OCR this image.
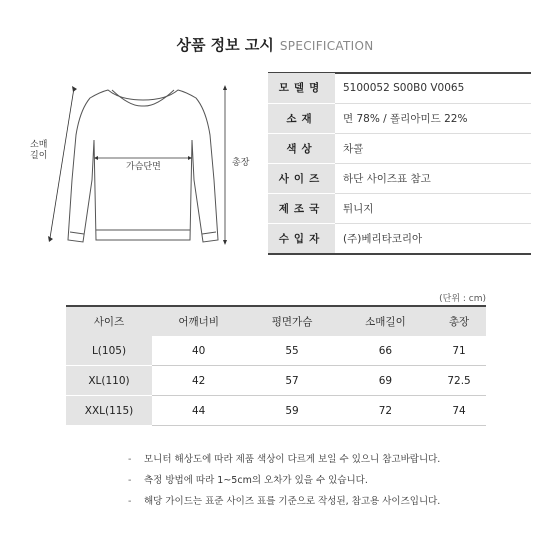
상품 정보 고시 SPECIFICATION
소매
길이
가슴단면	총장
모델명	5100052 S00B0 V0065
소재	면 78% / 폴리아미드 22%
색상	차콜
사이즈	하단 사이즈표 참고
제조국	튀니지
수입자	(주)베리타코리아
(단위 : cm)
사이즈	어깨너비	평면가슴	소매길이	총장
L(105)	40	55	66	71
XL(110)	42	57	69	72.5
XXL(115)	44	59	72	74
- 모니터 해상도에 따라 제품 색상이 다르게 보일 수 있으니 참고바랍니다.
- 측정 방법에 따라 1~5cm의 오차가 있을 수 있습니다.
- 해당 가이드는 표준 사이즈 표를 기준으로 작성된, 참고용 사이즈입니다.
